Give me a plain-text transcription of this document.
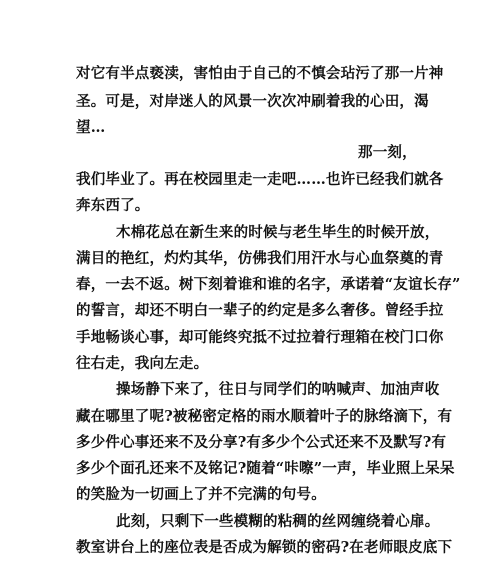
对它有半点亵渎，害怕由于自己的不慎会玷污了那一片神
圣。可是，对岸迷人的风景一次次冲刷着我的心田，渴
望…
那一刻，
我们毕业了。再在校园里走一走吧……也许已经我们就各
奔东西了。
木棉花总在新生来的时候与老生毕生的时候开放，
满目的艳红，灼灼其华，仿佛我们用汗水与心血祭奠的青
春，一去不返。树下刻着谁和谁的名字，承诺着“友谊长存”
的誓言，却还不明白一辈子的约定是多么奢侈。曾经手拉
手地畅谈心事，却可能终究抵不过拉着行理箱在校门口你
往右走，我向左走。
操场静下来了，往日与同学们的呐喊声、加油声收
藏在哪里了呢?被秘密定格的雨水顺着叶子的脉络滴下，有
多少件心事还来不及分享?有多少个公式还来不及默写?有
多少个面孔还来不及铭记?随着“咔嚓”一声，毕业照上呆呆
的笑脸为一切画上了并不完满的句号。
此刻，只剩下一些模糊的粘稠的丝网缠绕着心扉。
教室讲台上的座位表是否成为解锁的密码?在老师眼皮底下
